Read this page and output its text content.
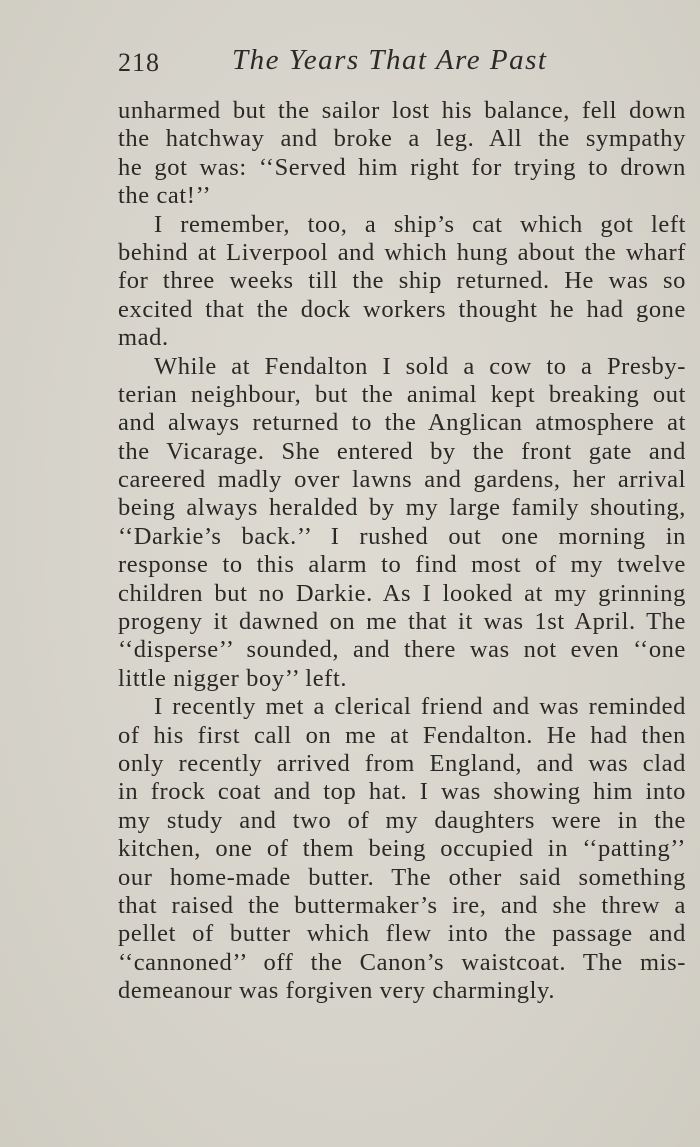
218 The Years That Are Past
unharmed but the sailor lost his balance, fell down
the hatchway and broke a leg. All the sympathy
he got was: ‘‘Served him right for trying to drown
the cat!’’
I remember, too, a ship’s cat which got left
behind at Liverpool and which hung about the wharf
for three weeks till the ship returned. He was so
excited that the dock workers thought he had gone
mad.
While at Fendalton I sold a cow to a Presby-
terian neighbour, but the animal kept breaking out
and always returned to the Anglican atmosphere at
the Vicarage. She entered by the front gate and
careered madly over lawns and gardens, her arrival
being always heralded by my large family shouting,
‘‘Darkie’s back.’’ I rushed out one morning in
response to this alarm to find most of my twelve
children but no Darkie. As I looked at my grinning
progeny it dawned on me that it was 1st April. The
‘‘disperse’’ sounded, and there was not even ‘‘one
little nigger boy’’ left.
I recently met a clerical friend and was reminded
of his first call on me at Fendalton. He had then
only recently arrived from England, and was clad
in frock coat and top hat. I was showing him into
my study and two of my daughters were in the
kitchen, one of them being occupied in ‘‘patting’’
our home-made butter. The other said something
that raised the buttermaker’s ire, and she threw a
pellet of butter which flew into the passage and
‘‘cannoned’’ off the Canon’s waistcoat. The mis-
demeanour was forgiven very charmingly.
